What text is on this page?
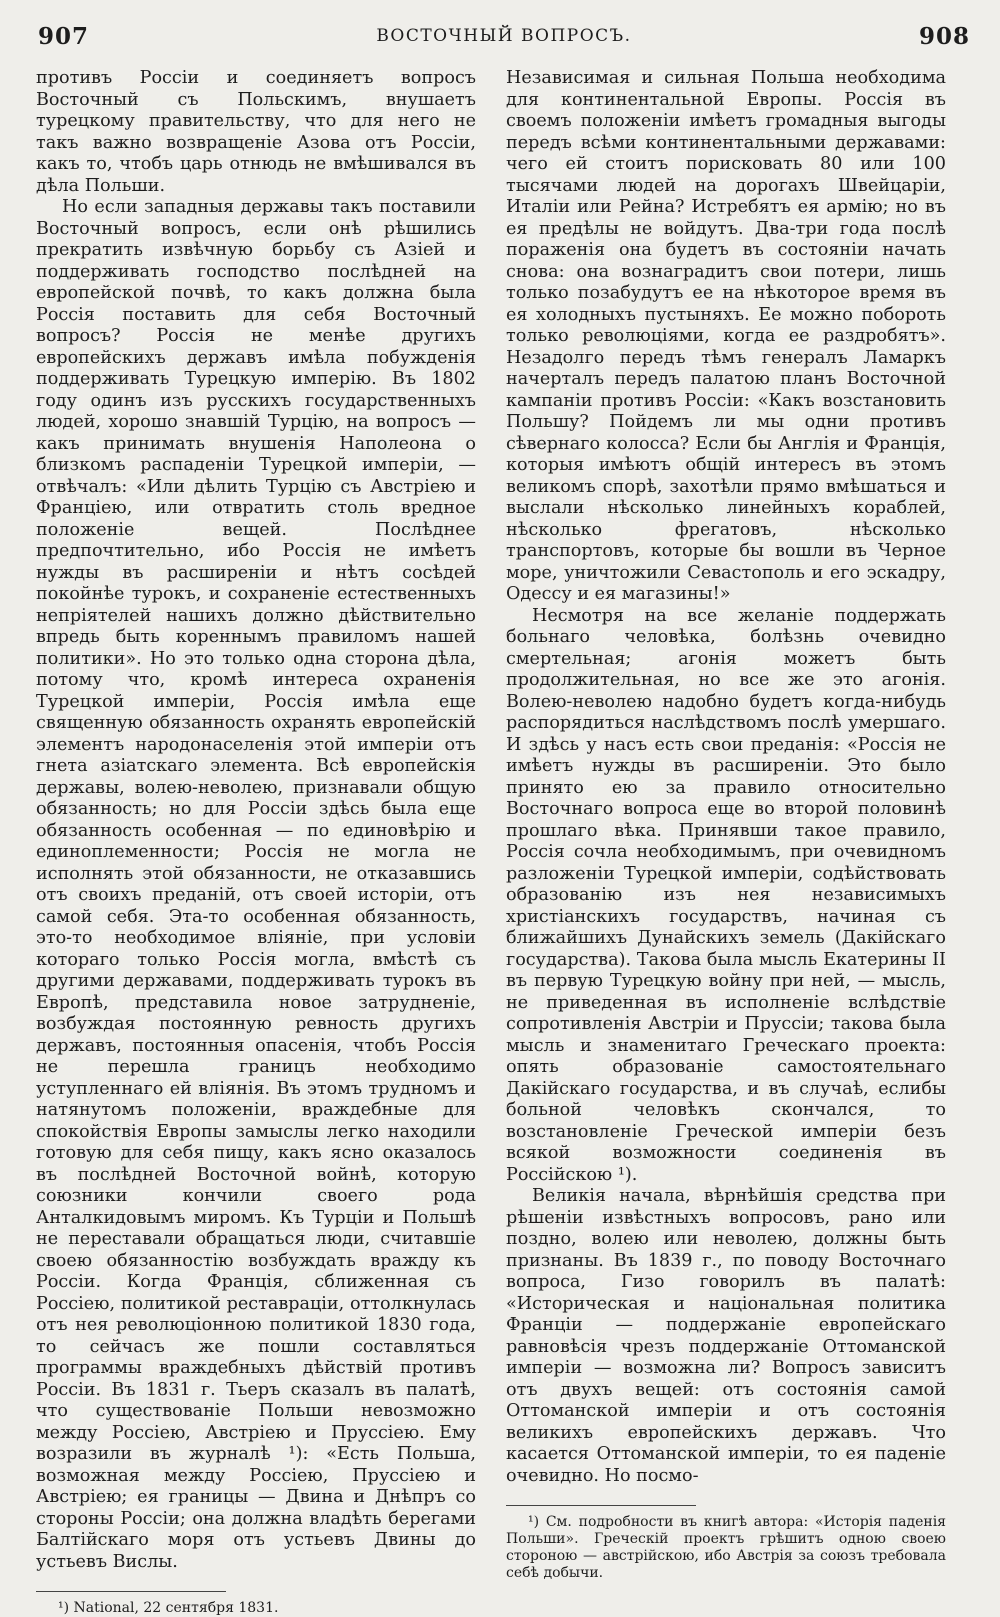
907	ВОСТОЧНЫЙ ВОПРОСЪ.	908

противъ Россіи и соединяетъ вопросъ Восточный съ Польскимъ, внушаетъ турецкому правительству, что для него не такъ важно возвращеніе Азова отъ Россіи, какъ то, чтобъ царь отнюдь не вмѣшивался въ дѣла Польши.

Но если западныя державы такъ поставили Восточный вопросъ, если онѣ рѣшились прекратить извѣчную борьбу съ Азіей и поддерживать господство послѣдней на европейской почвѣ, то какъ должна была Россія поставить для себя Восточный вопросъ? Россія не менѣе другихъ европейскихъ державъ имѣла побужденія поддерживать Турецкую имперію. Въ 1802 году одинъ изъ русскихъ государственныхъ людей, хорошо знавшій Турцію, на вопросъ — какъ принимать внушенія Наполеона о близкомъ распаденіи Турецкой имперіи, — отвѣчалъ: «Или дѣлить Турцію съ Австріею и Франціею, или отвратить столь вредное положеніе вещей. Послѣднее предпочтительно, ибо Россія не имѣетъ нужды въ расширеніи и нѣтъ сосѣдей покойнѣе турокъ, и сохраненіе естественныхъ непріятелей нашихъ должно дѣйствительно впредь быть кореннымъ правиломъ нашей политики». Но это только одна сторона дѣла, потому что, кромѣ интереса охраненія Турецкой имперіи, Россія имѣла еще священную обязанность охранять европейскій элементъ народонаселенія этой имперіи отъ гнета азіатскаго элемента. Всѣ европейскія державы, волею-неволею, признавали общую обязанность; но для Россіи здѣсь была еще обязанность особенная — по единовѣрію и единоплеменности; Россія не могла не исполнять этой обязанности, не отказавшись отъ своихъ преданій, отъ своей исторіи, отъ самой себя. Эта-то особенная обязанность, это-то необходимое вліяніе, при условіи котораго только Россія могла, вмѣстѣ съ другими державами, поддерживать турокъ въ Европѣ, представила новое затрудненіе, возбуждая постоянную ревность другихъ державъ, постоянныя опасенія, чтобъ Россія не перешла границъ необходимо уступленнаго ей вліянія. Въ этомъ трудномъ и натянутомъ положеніи, враждебные для спокойствія Европы замыслы легко находили готовую для себя пищу, какъ ясно оказалось въ послѣдней Восточной войнѣ, которую союзники кончили своего рода Анталкидовымъ миромъ. Къ Турціи и Польшѣ не переставали обращаться люди, считавшіе своею обязанностію возбуждать вражду къ Россіи. Когда Франція, сближенная съ Россіею, политикой реставраціи, оттолкнулась отъ нея революціонною политикой 1830 года, то сейчасъ же пошли составляться программы враждебныхъ дѣйствій противъ Россіи. Въ 1831 г. Тьеръ сказалъ въ палатѣ, что существованіе Польши невозможно между Россіею, Австріею и Пруссіею. Ему возразили въ журналѣ ¹): «Есть Польша, возможная между Россіею, Пруссіею и Австріею; ея границы — Двина и Днѣпръ со стороны Россіи; она должна владѣть берегами Балтійскаго моря отъ устьевъ Двины до устьевъ Вислы.

¹) National, 22 сентября 1831.

Независимая и сильная Польша необходима для континентальной Европы. Россія въ своемъ положеніи имѣетъ громадныя выгоды передъ всѣми континентальными державами: чего ей стоитъ порисковать 80 или 100 тысячами людей на дорогахъ Швейцаріи, Италіи или Рейна? Истребятъ ея армію; но въ ея предѣлы не войдутъ. Два-три года послѣ пораженія она будетъ въ состояніи начать снова: она вознаградитъ свои потери, лишь только позабудутъ ее на нѣкоторое время въ ея холодныхъ пустыняхъ. Ее можно побороть только революціями, когда ее раздробятъ». Незадолго передъ тѣмъ генералъ Ламаркъ начерталъ передъ палатою планъ Восточной кампаніи противъ Россіи: «Какъ возстановить Польшу? Пойдемъ ли мы одни противъ сѣвернаго колосса? Если бы Англія и Франція, которыя имѣютъ общій интересъ въ этомъ великомъ спорѣ, захотѣли прямо вмѣшаться и выслали нѣсколько линейныхъ кораблей, нѣсколько фрегатовъ, нѣсколько транспортовъ, которые бы вошли въ Черное море, уничтожили Севастополь и его эскадру, Одессу и ея магазины!»

Несмотря на все желаніе поддержать больнаго человѣка, болѣзнь очевидно смертельная; агонія можетъ быть продолжительная, но все же это агонія. Волею-неволею надобно будетъ когда-нибудь распорядиться наслѣдствомъ послѣ умершаго. И здѣсь у насъ есть свои преданія: «Россія не имѣетъ нужды въ расширеніи. Это было принято ею за правило относительно Восточнаго вопроса еще во второй половинѣ прошлаго вѣка. Принявши такое правило, Россія сочла необходимымъ, при очевидномъ разложеніи Турецкой имперіи, содѣйствовать образованію изъ нея независимыхъ христіанскихъ государствъ, начиная съ ближайшихъ Дунайскихъ земель (Дакійскаго государства). Такова была мысль Екатерины II въ первую Турецкую войну при ней, — мысль, не приведенная въ исполненіе вслѣдствіе сопротивленія Австріи и Пруссіи; такова была мысль и знаменитаго Греческаго проекта: опять образованіе самостоятельнаго Дакійскаго государства, и въ случаѣ, еслибы больной человѣкъ скончался, то возстановленіе Греческой имперіи безъ всякой возможности соединенія въ Россійскою ¹).

Великія начала, вѣрнѣйшія средства при рѣшеніи извѣстныхъ вопросовъ, рано или поздно, волею или неволею, должны быть признаны. Въ 1839 г., по поводу Восточнаго вопроса, Гизо говорилъ въ палатѣ: «Историческая и національная политика Франціи — поддержаніе европейскаго равновѣсія чрезъ поддержаніе Оттоманской имперіи — возможна ли? Вопросъ зависитъ отъ двухъ вещей: отъ состоянія самой Оттоманской имперіи и отъ состоянія великихъ европейскихъ державъ. Что касается Оттоманской имперіи, то ея паденіе очевидно. Но посмо-

¹) См. подробности въ книгѣ автора: «Исторія паденія Польши». Греческій проектъ грѣшитъ одною своею стороною — австрійскою, ибо Австрія за союзъ требовала себѣ добычи.
